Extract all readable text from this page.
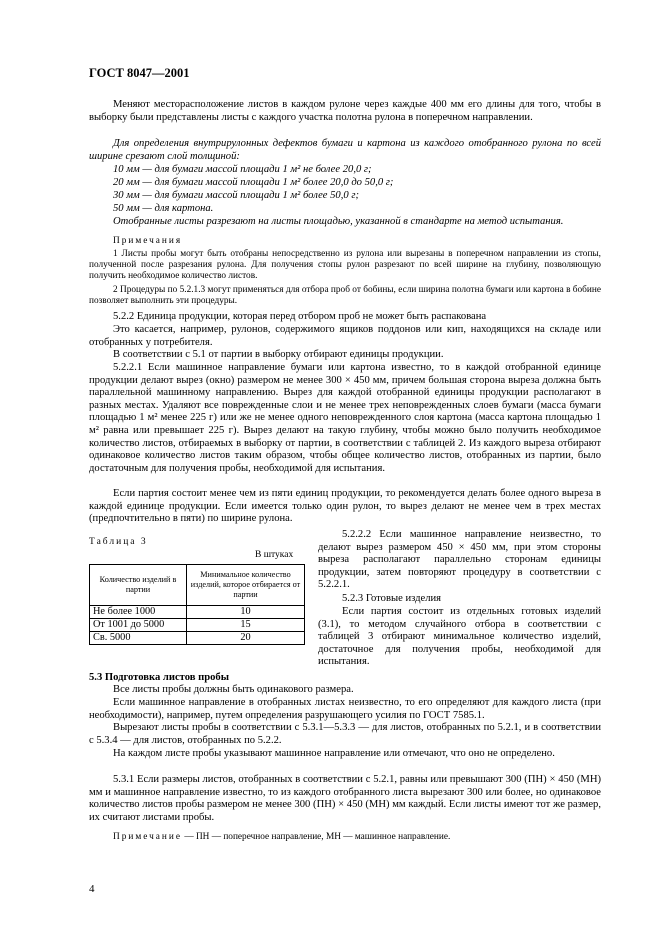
ГОСТ 8047—2001
Меняют месторасположение листов в каждом рулоне через каждые 400 мм его длины для того, чтобы в выборку были представлены листы с каждого участка полотна рулона в поперечном направлении.
Для определения внутрирулонных дефектов бумаги и картона из каждого отобранного рулона по всей ширине срезают слой толщиной:
10 мм — для бумаги массой площади 1 м² не более 20,0 г;
20 мм — для бумаги массой площади 1 м² более 20,0 до 50,0 г;
30 мм — для бумаги массой площади 1 м² более 50,0 г;
50 мм — для картона.
Отобранные листы разрезают на листы площадью, указанной в стандарте на метод испытания.
Примечания
1 Листы пробы могут быть отобраны непосредственно из рулона или вырезаны в поперечном направлении из стопы, полученной после разрезания рулона. Для получения стопы рулон разрезают по всей ширине на глубину, позволяющую получить необходимое количество листов.
2 Процедуры по 5.2.1.3 могут применяться для отбора проб от бобины, если ширина полотна бумаги или картона в бобине позволяет выполнить эти процедуры.
5.2.2 Единица продукции, которая перед отбором проб не может быть распакована
Это касается, например, рулонов, содержимого ящиков поддонов или кип, находящихся на складе или отобранных у потребителя.
В соответствии с 5.1 от партии в выборку отбирают единицы продукции.
5.2.2.1 Если машинное направление бумаги или картона известно, то в каждой отобранной единице продукции делают вырез (окно) размером не менее 300 × 450 мм, причем большая сторона выреза должна быть параллельной машинному направлению. Вырез для каждой отобранной единицы продукции располагают в разных местах. Удаляют все поврежденные слои и не менее трех неповрежденных слоев бумаги (масса бумаги площадью 1 м² менее 225 г) или же не менее одного неповрежденного слоя картона (масса картона площадью 1 м² равна или превышает 225 г). Вырез делают на такую глубину, чтобы можно было получить необходимое количество листов, отбираемых в выборку от партии, в соответствии с таблицей 2. Из каждого выреза отбирают одинаковое количество листов таким образом, чтобы общее количество листов, отобранных из партии, было достаточным для получения пробы, необходимой для испытания.
Если партия состоит менее чем из пяти единиц продукции, то рекомендуется делать более одного выреза в каждой единице продукции. Если имеется только один рулон, то вырез делают не менее чем в трех местах (предпочтительно в пяти) по ширине рулона.
Таблица 3
В штуках
Количество изделий в партии	Минимальное количество изделий, которое отбирается от партии
Не более 1000	10
От 1001 до 5000	15
Св. 5000	20
5.2.2.2 Если машинное направление неизвестно, то делают вырез размером 450 × 450 мм, при этом стороны выреза располагают параллельно сторонам единицы продукции, затем повторяют процедуру в соответствии с 5.2.2.1.
5.2.3 Готовые изделия
Если партия состоит из отдельных готовых изделий (3.1), то методом случайного отбора в соответствии с таблицей 3 отбирают минимальное количество изделий, достаточное для получения пробы, необходимой для испытания.
5.3 Подготовка листов пробы
Все листы пробы должны быть одинакового размера.
Если машинное направление в отобранных листах неизвестно, то его определяют для каждого листа (при необходимости), например, путем определения разрушающего усилия по ГОСТ 7585.1.
Вырезают листы пробы в соответствии с 5.3.1—5.3.3 — для листов, отобранных по 5.2.1, и в соответствии с 5.3.4 — для листов, отобранных по 5.2.2.
На каждом листе пробы указывают машинное направление или отмечают, что оно не определено.
5.3.1 Если размеры листов, отобранных в соответствии с 5.2.1, равны или превышают 300 (ПН) × 450 (МН) мм и машинное направление известно, то из каждого отобранного листа вырезают 300 или более, но одинаковое количество листов пробы размером не менее 300 (ПН) × 450 (МН) мм каждый. Если листы имеют тот же размер, их считают листами пробы.
Примечание — ПН — поперечное направление, МН — машинное направление.
4
